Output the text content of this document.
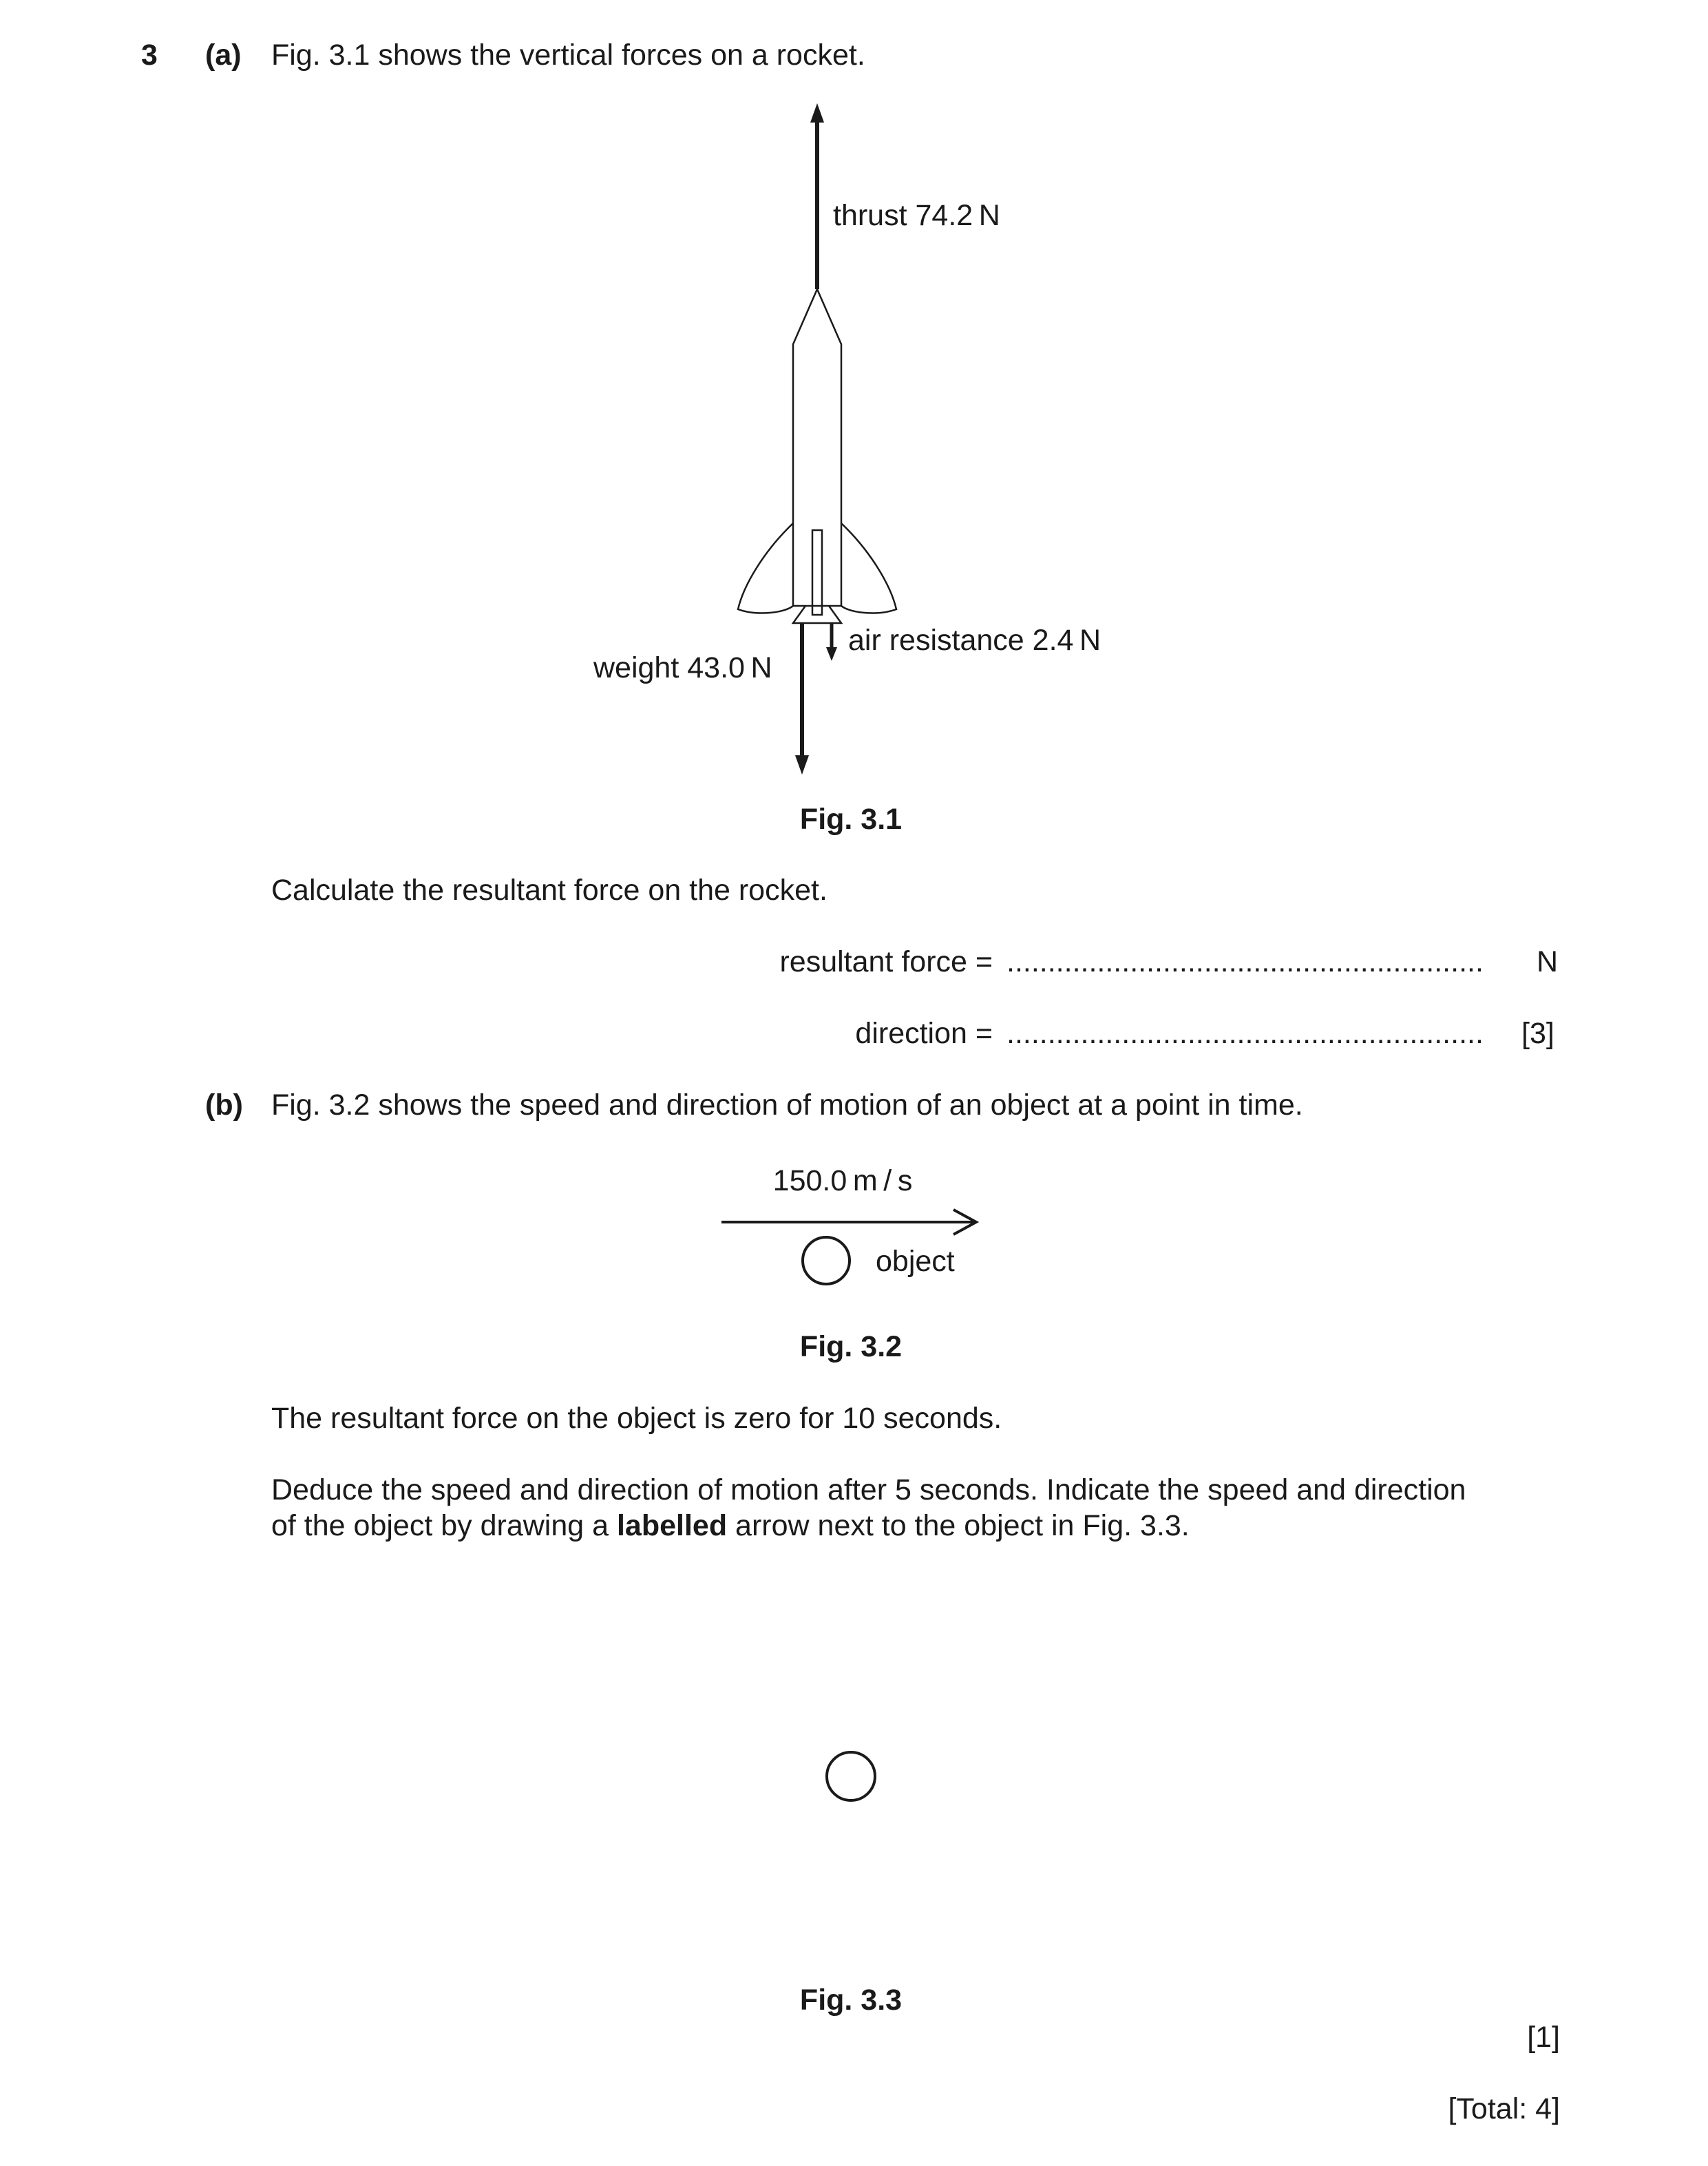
3 (a) Fig. 3.1 shows the vertical forces on a rocket.
thrust 74.2 N
air resistance 2.4 N
weight 43.0 N
Fig. 3.1
Calculate the resultant force on the rocket.
resultant force = .......................................................... N
direction = .......................................................... [3]
(b) Fig. 3.2 shows the speed and direction of motion of an object at a point in time.
150.0 m / s
object
Fig. 3.2
The resultant force on the object is zero for 10 seconds.
Deduce the speed and direction of motion after 5 seconds. Indicate the speed and direction
of the object by drawing a labelled arrow next to the object in Fig. 3.3.
Fig. 3.3
[1]
[Total: 4]
